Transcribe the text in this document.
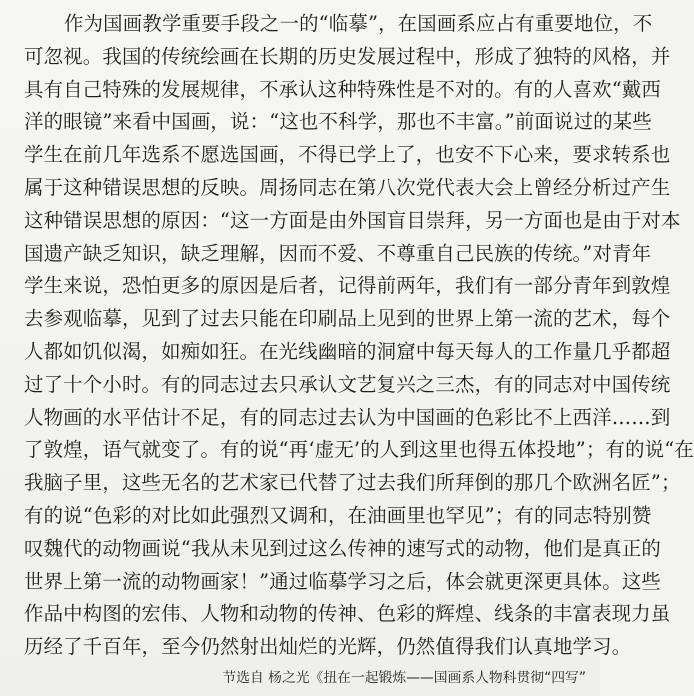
作为国画教学重要手段之一的“临摹”，在国画系应占有重要地位，不
可忽视。我国的传统绘画在长期的历史发展过程中，形成了独特的风格，并
具有自己特殊的发展规律，不承认这种特殊性是不对的。有的人喜欢“戴西
洋的眼镜”来看中国画，说：“这也不科学，那也不丰富。”前面说过的某些
学生在前几年选系不愿选国画，不得已学上了，也安不下心来，要求转系也
属于这种错误思想的反映。周扬同志在第八次党代表大会上曾经分析过产生
这种错误思想的原因：“这一方面是由外国盲目崇拜，另一方面也是由于对本
国遗产缺乏知识，缺乏理解，因而不爱、不尊重自己民族的传统。”对青年
学生来说，恐怕更多的原因是后者，记得前两年，我们有一部分青年到敦煌
去参观临摹，见到了过去只能在印刷品上见到的世界上第一流的艺术，每个
人都如饥似渴，如痴如狂。在光线幽暗的洞窟中每天每人的工作量几乎都超
过了十个小时。有的同志过去只承认文艺复兴之三杰，有的同志对中国传统
人物画的水平估计不足，有的同志过去认为中国画的色彩比不上西洋……到
了敦煌，语气就变了。有的说“再‘虚无’的人到这里也得五体投地”；有的说“在
我脑子里，这些无名的艺术家已代替了过去我们所拜倒的那几个欧洲名匠”；
有的说“色彩的对比如此强烈又调和，在油画里也罕见”；有的同志特别赞
叹魏代的动物画说“我从未见到过这么传神的速写式的动物，他们是真正的
世界上第一流的动物画家！”通过临摹学习之后，体会就更深更具体。这些
作品中构图的宏伟、人物和动物的传神、色彩的辉煌、线条的丰富表现力虽
历经了千百年，至今仍然射出灿烂的光辉，仍然值得我们认真地学习。
节选自 杨之光《扭在一起锻炼——国画系人物科贯彻“四写”
